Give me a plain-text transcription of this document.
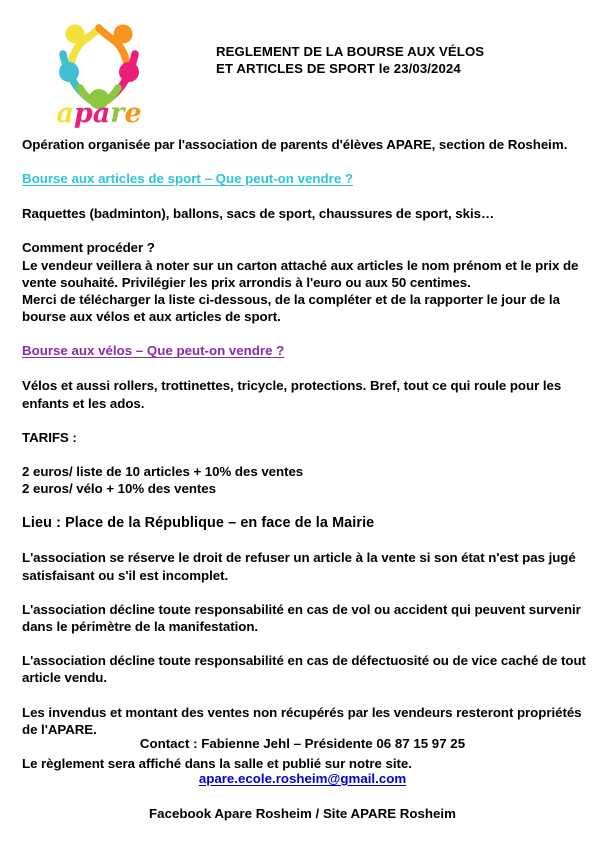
apare
REGLEMENT DE LA BOURSE AUX VÉLOS
ET ARTICLES DE SPORT le 23/03/2024

Opération organisée par l'association de parents d'élèves APARE, section de Rosheim.

Bourse aux articles de sport – Que peut-on vendre ?

Raquettes (badminton), ballons, sacs de sport, chaussures de sport, skis…

Comment procéder ?

Le vendeur veillera à noter sur un carton attaché aux articles le nom prénom et le prix de vente souhaité. Privilégier les prix arrondis à l'euro ou aux 50 centimes.

Merci de télécharger la liste ci-dessous, de la compléter et de la rapporter le jour de la bourse aux vélos et aux articles de sport.

Bourse aux vélos – Que peut-on vendre ?

Vélos et aussi rollers, trottinettes, tricycle, protections. Bref, tout ce qui roule pour les enfants et les ados.

TARIFS :

2 euros/ liste de 10 articles + 10% des ventes

2 euros/ vélo + 10% des ventes

Lieu : Place de la République – en face de la Mairie

L'association se réserve le droit de refuser un article à la vente si son état n'est pas jugé satisfaisant ou s'il est incomplet.

L'association décline toute responsabilité en cas de vol ou accident qui peuvent survenir dans le périmètre de la manifestation.

L'association décline toute responsabilité en cas de défectuosité ou de vice caché de tout article vendu.

Les invendus et montant des ventes non récupérés par les vendeurs resteront propriétés de l'APARE.

Le règlement sera affiché dans la salle et publié sur notre site.

Contact : Fabienne Jehl – Présidente 06 87 15 97 25

apare.ecole.rosheim@gmail.com

Facebook Apare Rosheim / Site APARE Rosheim
